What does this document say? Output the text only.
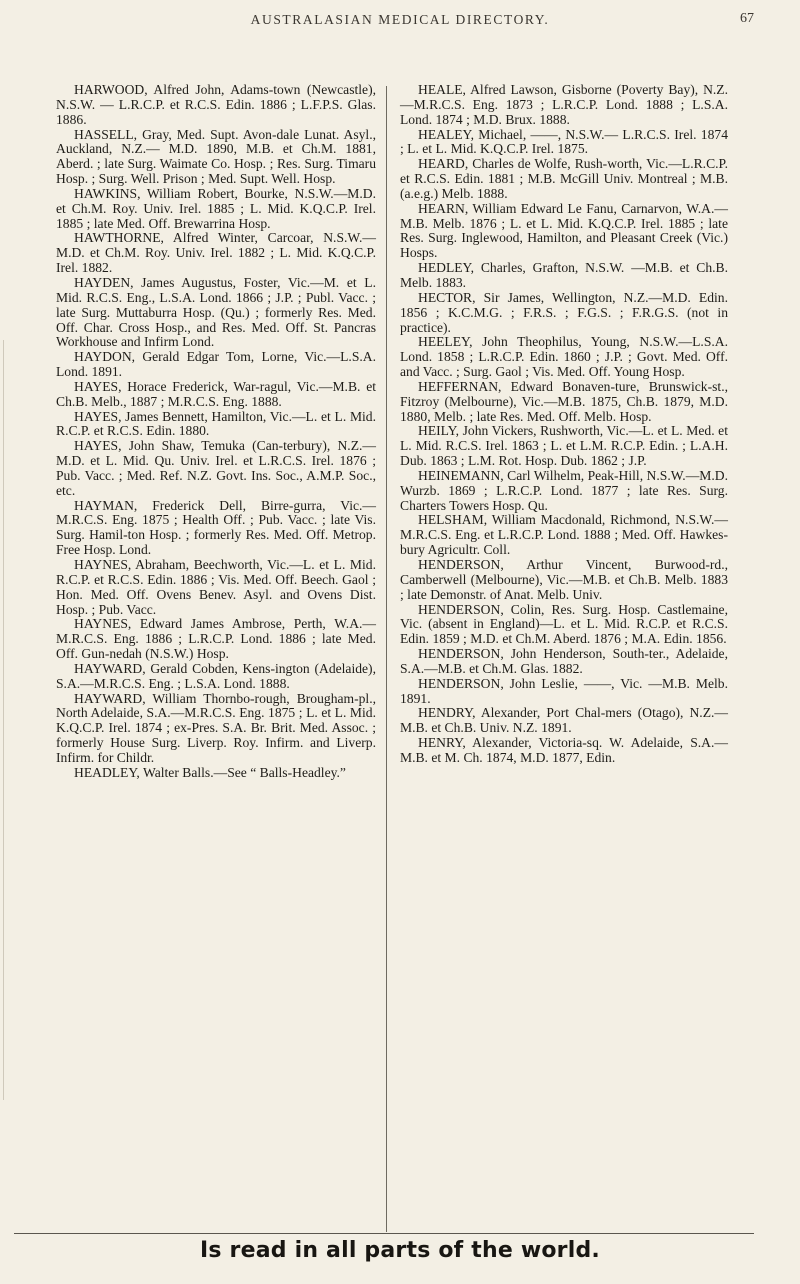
AUSTRALASIAN MEDICAL DIRECTORY.	67

HARWOOD, Alfred John, Adams-town (Newcastle), N.S.W. — L.R.C.P. et R.C.S. Edin. 1886 ; L.F.P.S. Glas. 1886.

HASSELL, Gray, Med. Supt. Avon-dale Lunat. Asyl., Auckland, N.Z.— M.D. 1890, M.B. et Ch.M. 1881, Aberd. ; late Surg. Waimate Co. Hosp. ; Res. Surg. Timaru Hosp. ; Surg. Well. Prison ; Med. Supt. Well. Hosp.

HAWKINS, William Robert, Bourke, N.S.W.—M.D. et Ch.M. Roy. Univ. Irel. 1885 ; L. Mid. K.Q.C.P. Irel. 1885 ; late Med. Off. Brewarrina Hosp.

HAWTHORNE, Alfred Winter, Carcoar, N.S.W.—M.D. et Ch.M. Roy. Univ. Irel. 1882 ; L. Mid. K.Q.C.P. Irel. 1882.

HAYDEN, James Augustus, Foster, Vic.—M. et L. Mid. R.C.S. Eng., L.S.A. Lond. 1866 ; J.P. ; Publ. Vacc. ; late Surg. Muttaburra Hosp. (Qu.) ; formerly Res. Med. Off. Char. Cross Hosp., and Res. Med. Off. St. Pancras Workhouse and Infirm Lond.

HAYDON, Gerald Edgar Tom, Lorne, Vic.—L.S.A. Lond. 1891.

HAYES, Horace Frederick, War-ragul, Vic.—M.B. et Ch.B. Melb., 1887 ; M.R.C.S. Eng. 1888.

HAYES, James Bennett, Hamilton, Vic.—L. et L. Mid. R.C.P. et R.C.S. Edin. 1880.

HAYES, John Shaw, Temuka (Can-terbury), N.Z.—M.D. et L. Mid. Qu. Univ. Irel. et L.R.C.S. Irel. 1876 ; Pub. Vacc. ; Med. Ref. N.Z. Govt. Ins. Soc., A.M.P. Soc., etc.

HAYMAN, Frederick Dell, Birre-gurra, Vic.—M.R.C.S. Eng. 1875 ; Health Off. ; Pub. Vacc. ; late Vis. Surg. Hamil-ton Hosp. ; formerly Res. Med. Off. Metrop. Free Hosp. Lond.

HAYNES, Abraham, Beechworth, Vic.—L. et L. Mid. R.C.P. et R.C.S. Edin. 1886 ; Vis. Med. Off. Beech. Gaol ; Hon. Med. Off. Ovens Benev. Asyl. and Ovens Dist. Hosp. ; Pub. Vacc.

HAYNES, Edward James Ambrose, Perth, W.A.—M.R.C.S. Eng. 1886 ; L.R.C.P. Lond. 1886 ; late Med. Off. Gun-nedah (N.S.W.) Hosp.

HAYWARD, Gerald Cobden, Kens-ington (Adelaide), S.A.—M.R.C.S. Eng. ; L.S.A. Lond. 1888.

HAYWARD, William Thornbo-rough, Brougham-pl., North Adelaide, S.A.—M.R.C.S. Eng. 1875 ; L. et L. Mid. K.Q.C.P. Irel. 1874 ; ex-Pres. S.A. Br. Brit. Med. Assoc. ; formerly House Surg. Liverp. Roy. Infirm. and Liverp. Infirm. for Childr.

HEADLEY, Walter Balls.—See “ Balls-Headley.”

HEALE, Alfred Lawson, Gisborne (Poverty Bay), N.Z.—M.R.C.S. Eng. 1873 ; L.R.C.P. Lond. 1888 ; L.S.A. Lond. 1874 ; M.D. Brux. 1888.

HEALEY, Michael, ——, N.S.W.— L.R.C.S. Irel. 1874 ; L. et L. Mid. K.Q.C.P. Irel. 1875.

HEARD, Charles de Wolfe, Rush-worth, Vic.—L.R.C.P. et R.C.S. Edin. 1881 ; M.B. McGill Univ. Montreal ; M.B. (a.e.g.) Melb. 1888.

HEARN, William Edward Le Fanu, Carnarvon, W.A.—M.B. Melb. 1876 ; L. et L. Mid. K.Q.C.P. Irel. 1885 ; late Res. Surg. Inglewood, Hamilton, and Pleasant Creek (Vic.) Hosps.

HEDLEY, Charles, Grafton, N.S.W. —M.B. et Ch.B. Melb. 1883.

HECTOR, Sir James, Wellington, N.Z.—M.D. Edin. 1856 ; K.C.M.G. ; F.R.S. ; F.G.S. ; F.R.G.S. (not in practice).

HEELEY, John Theophilus, Young, N.S.W.—L.S.A. Lond. 1858 ; L.R.C.P. Edin. 1860 ; J.P. ; Govt. Med. Off. and Vacc. ; Surg. Gaol ; Vis. Med. Off. Young Hosp.

HEFFERNAN, Edward Bonaven-ture, Brunswick-st., Fitzroy (Melbourne), Vic.—M.B. 1875, Ch.B. 1879, M.D. 1880, Melb. ; late Res. Med. Off. Melb. Hosp.

HEILY, John Vickers, Rushworth, Vic.—L. et L. Med. et L. Mid. R.C.S. Irel. 1863 ; L. et L.M. R.C.P. Edin. ; L.A.H. Dub. 1863 ; L.M. Rot. Hosp. Dub. 1862 ; J.P.

HEINEMANN, Carl Wilhelm, Peak-Hill, N.S.W.—M.D. Wurzb. 1869 ; L.R.C.P. Lond. 1877 ; late Res. Surg. Charters Towers Hosp. Qu.

HELSHAM, William Macdonald, Richmond, N.S.W.—M.R.C.S. Eng. et L.R.C.P. Lond. 1888 ; Med. Off. Hawkes-bury Agricultr. Coll.

HENDERSON, Arthur Vincent, Burwood-rd., Camberwell (Melbourne), Vic.—M.B. et Ch.B. Melb. 1883 ; late Demonstr. of Anat. Melb. Univ.

HENDERSON, Colin, Res. Surg. Hosp. Castlemaine, Vic. (absent in England)—L. et L. Mid. R.C.P. et R.C.S. Edin. 1859 ; M.D. et Ch.M. Aberd. 1876 ; M.A. Edin. 1856.

HENDERSON, John Henderson, South-ter., Adelaide, S.A.—M.B. et Ch.M. Glas. 1882.

HENDERSON, John Leslie, ——, Vic. —M.B. Melb. 1891.

HENDRY, Alexander, Port Chal-mers (Otago), N.Z.—M.B. et Ch.B. Univ. N.Z. 1891.

HENRY, Alexander, Victoria-sq. W. Adelaide, S.A.—M.B. et M. Ch. 1874, M.D. 1877, Edin.

Is read in all parts of the world.
